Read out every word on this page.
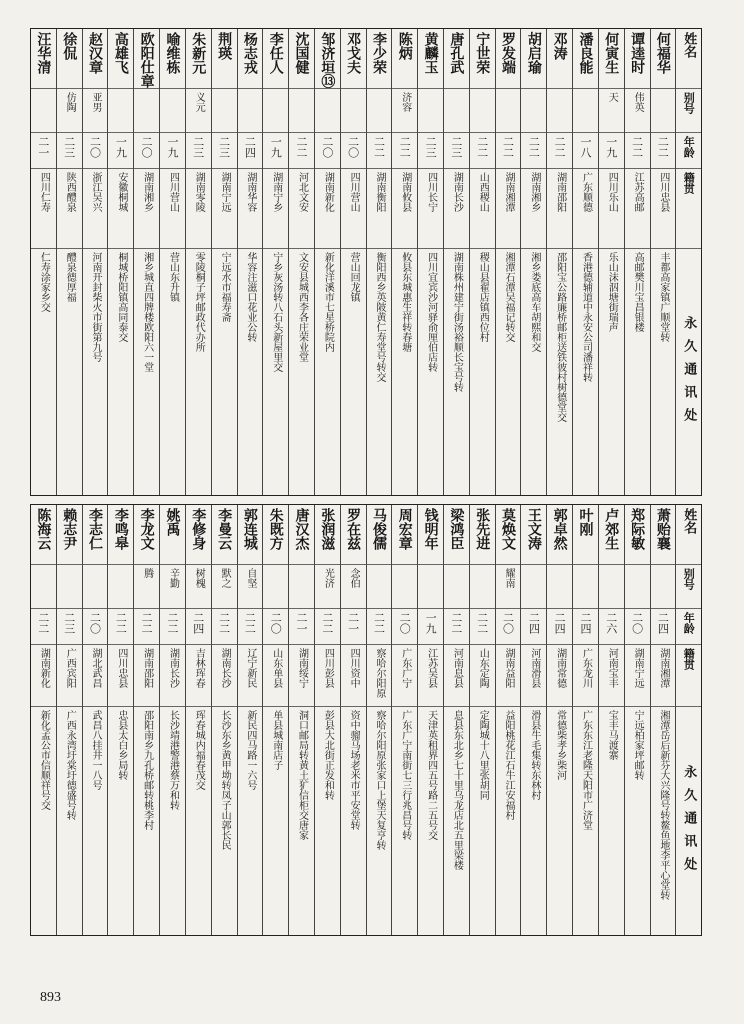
汪华清
二一
四川仁寿
仁寿涂家乡交
徐侃
仿陶
二三
陕西醴泉
醴泉德厚福
赵汉章
亚男
二〇
浙江吴兴
河南开封柴火市街第九号
高雄飞
一九
安徽桐城
桐城桥阳镇高同泰交
欧阳仕章
二〇
湖南湘乡
湘乡城直四牌楼欧阳六一堂
喻维栋
一九
四川营山
营山东升镇
朱新元
义元
二三
湖南零陵
零陵桐子坪邮政代办所
荆瑛
二三
湖南宁远
宁远水市福寿斋
杨志戎
二四
湖南华容
华容注滋口花业公转
李任人
一九
湖南宁乡
宁乡灰汤转八石头新屋里交
沈国健
二二
河北文安
文安县城西李各庄荣业堂
邹济垣⑬
二〇
湖南新化
新化洋溪市七星桥院内
邓戈夫
二〇
四川营山
营山回龙镇
李少荣
二二
湖南衡阳
衡阳西乡英陂黄仁寿堂号转交
陈炳
济容
二二
湖南攸县
攸县东城惠生祥转春塘
黄麟玉
二三
四川长宁
四川宜宾沙河驿俞厘伯店转
唐孔武
二三
湖南长沙
湖南株州建宁街汤裕顺长宝号转
宁世荣
二二
山西稷山
稷山县翟店镇西位村
罗发端
二二
湖南湘潭
湘潭石潭吴福记转交
胡启瑜
二二
湖南湘乡
湘乡娄底高车胡熙和交
邓涛
二二
湖南邵阳
邵阳宝公路廉桥邮柜送铁彼村树德堂交
潘良能
一八
广东顺德
香港德辅道中永安公司潘祥转
何寅生
天
一九
四川乐山
乐山沫泅塘街瑞声
谭逵时
伟英
二二
江苏高邮
高邮樊川宝昌银楼
何福华
二二
四川忠县
丰都高家镇广顺堂转
姓名
别号
年龄
籍贯
永久通讯处
陈海云
二二
湖南新化
新化孟公市信顺祥号交
赖志尹
二三
广西宾阳
广西永湾圩棠圩德盛号转
李志仁
二〇
湖北武昌
武昌八挂井一八号
李鸣皋
二二
四川忠县
忠县太白乡局转
李龙文
腾
二二
湖南邵阳
邵阳南乡九孔桥邮转桃李村
姚禹
辛勤
二二
湖南长沙
长沙靖港警港蔡万和转
李修身
树槐
二四
吉林珲春
珲春城内福春茂交
李曼云
默之
二二
湖南长沙
长沙东乡黄甲坳转凤子山郭长民
郭连城
自坚
二二
辽宁新民
新民四马路一六号
朱既方
二〇
山东单县
单县城南店子
唐汉杰
二一
湖南绥宁
洞口邮局转黄土犷信柜交唐家
张润滋
光济
二二
四川彭县
彭县大北街正发和转
罗在兹
念伯
二一
四川资中
资中骝马场老米市平安堂转
马俊儒
二二
察哈尔阳原
察哈尔阳原张家口上堡天复亨转
周宏章
二〇
广东广宁
广东广宁南街七三行兆昌号转
钱明年
一九
江苏吴县
天津英租界四五号路二五号交
梁鸿臣
二二
河南息县
息县东北乡七十里乌龙店北五里梁楼
张先进
二二
山东定陶
定陶城十八里张胡同
莫焕文
耀南
二〇
湖南益阳
益阳桃花江石牛江安福村
王文涛
二四
河南滑县
滑县牛毛集转东林村
郭卓然
二四
湖南常德
常德柴孝乡柴河
叶刚
二四
广东龙川
广东东江老隆天阳市广济堂
卢郊生
二六
河南宝丰
宝丰马渡寨
郑际敏
二〇
湖南宁远
宁远柏家坪邮转
萧贻襄
二四
湖南湘潭
湘潭岳后新芬大兴隆号转鳌鱼地李平心堂转
姓名
别号
年龄
籍贯
永久通讯处
893
